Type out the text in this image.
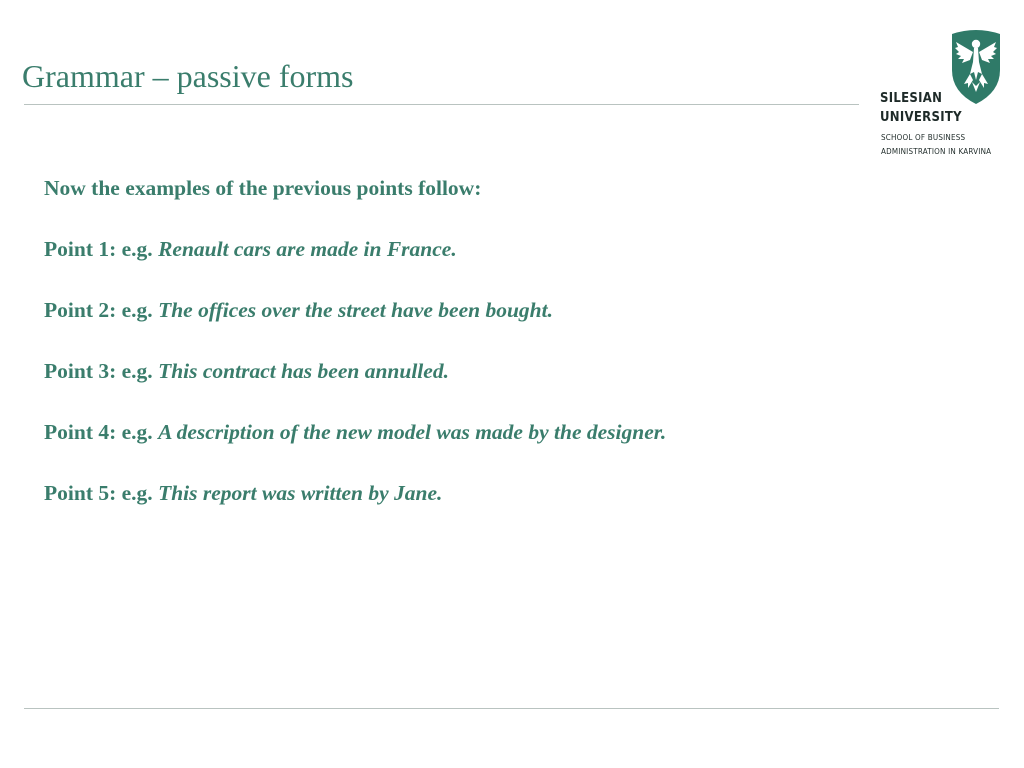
Grammar – passive forms
SILESIAN
UNIVERSITY
SCHOOL OF BUSINESS
ADMINISTRATION IN KARVINA
Now the examples of the previous points follow:
Point 1: e.g. Renault cars are made in France.
Point 2: e.g. The offices over the street have been bought.
Point 3: e.g. This contract has been annulled.
Point 4: e.g. A description of the new model was made by the designer.
Point 5: e.g. This report was written by Jane.
